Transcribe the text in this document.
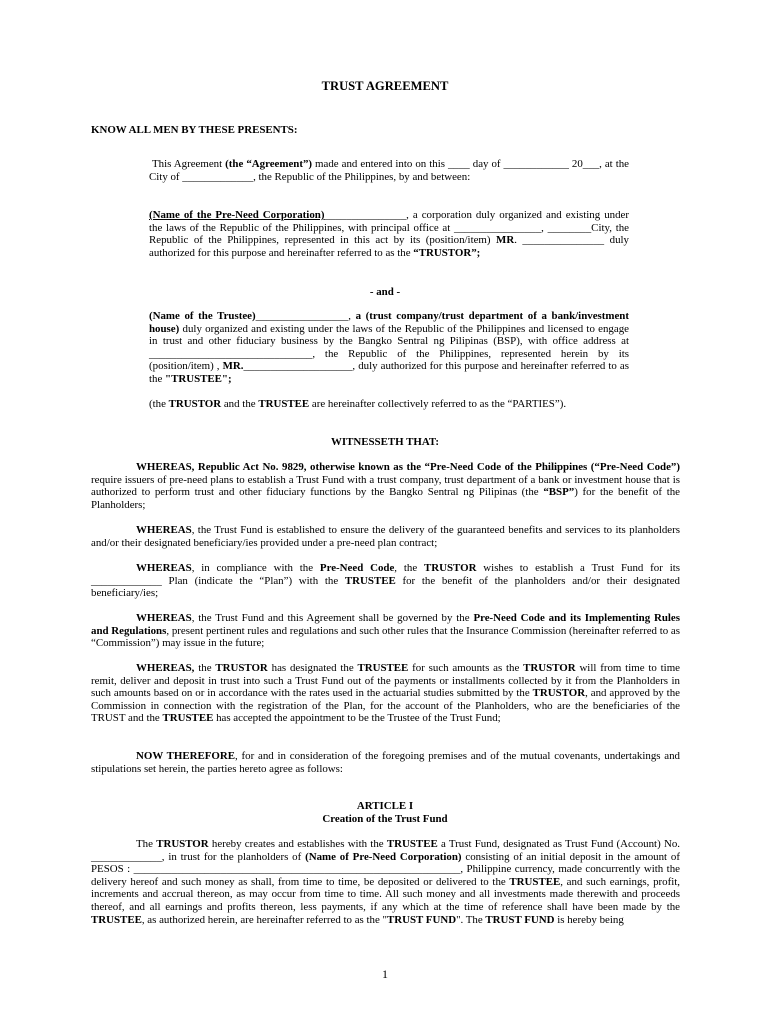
TRUST AGREEMENT
KNOW ALL MEN BY THESE PRESENTS:

This Agreement (the “Agreement”) made and entered into on this ____ day of ____________ 20___, at the City of _____________, the Republic of the Philippines, by and between:

(Name of the Pre-Need Corporation)_______________, a corporation duly organized and existing under the laws of the Republic of the Philippines, with principal office at ________________, ________City, the Republic of the Philippines, represented in this act by its (position/item) MR. _______________ duly authorized for this purpose and hereinafter referred to as the “TRUSTOR”;

- and -

(Name of the Trustee)_________________, a (trust company/trust department of a bank/investment house) duly organized and existing under the laws of the Republic of the Philippines and licensed to engage in trust and other fiduciary business by the Bangko Sentral ng Pilipinas (BSP), with office address at ______________________________, the Republic of the Philippines, represented herein by its (position/item) , MR.____________________, duly authorized for this purpose and hereinafter referred to as the "TRUSTEE";

(the TRUSTOR and the TRUSTEE are hereinafter collectively referred to as the “PARTIES”).

WITNESSETH THAT:

WHEREAS, Republic Act No. 9829, otherwise known as the “Pre-Need Code of the Philippines (“Pre-Need Code”) require issuers of pre-need plans to establish a Trust Fund with a trust company, trust department of a bank or investment house that is authorized to perform trust and other fiduciary functions by the Bangko Sentral ng Pilipinas (the “BSP”) for the benefit of the Planholders;

WHEREAS, the Trust Fund is established to ensure the delivery of the guaranteed benefits and services to its planholders and/or their designated beneficiary/ies provided under a pre-need plan contract;

WHEREAS, in compliance with the Pre-Need Code, the TRUSTOR wishes to establish a Trust Fund for its _____________ Plan (indicate the “Plan”) with the TRUSTEE for the benefit of the planholders and/or their designated beneficiary/ies;

WHEREAS, the Trust Fund and this Agreement shall be governed by the Pre-Need Code and its Implementing Rules and Regulations, present pertinent rules and regulations and such other rules that the Insurance Commission (hereinafter referred to as “Commission”) may issue in the future;

WHEREAS, the TRUSTOR has designated the TRUSTEE for such amounts as the TRUSTOR will from time to time remit, deliver and deposit in trust into such a Trust Fund out of the payments or installments collected by it from the Planholders in such amounts based on or in accordance with the rates used in the actuarial studies submitted by the TRUSTOR, and approved by the Commission in connection with the registration of the Plan, for the account of the Planholders, who are the beneficiaries of the TRUST and the TRUSTEE has accepted the appointment to be the Trustee of the Trust Fund;

NOW THEREFORE, for and in consideration of the foregoing premises and of the mutual covenants, undertakings and stipulations set herein, the parties hereto agree as follows:

ARTICLE I

Creation of the Trust Fund

The TRUSTOR hereby creates and establishes with the TRUSTEE a Trust Fund, designated as Trust Fund (Account) No. _____________, in trust for the planholders of (Name of Pre-Need Corporation) consisting of an initial deposit in the amount of PESOS : ____________________________________________________________, Philippine currency, made concurrently with the delivery hereof and such money as shall, from time to time, be deposited or delivered to the TRUSTEE, and such earnings, profit, increments and accrual thereon, as may occur from time to time. All such money and all investments made therewith and proceeds thereof, and all earnings and profits thereon, less payments, if any which at the time of reference shall have been made by the TRUSTEE, as authorized herein, are hereinafter referred to as the "TRUST FUND". The TRUST FUND is hereby being

1
